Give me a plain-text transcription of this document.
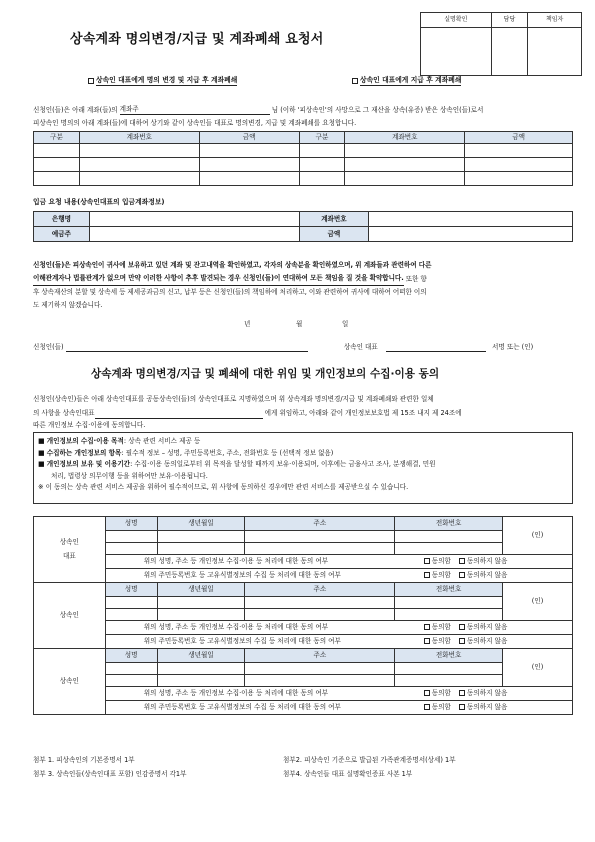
실명확인	담당	책임자

상속계좌 명의변경/지급 및 계좌폐쇄 요청서
상속인 대표에게 명의 변경 및 지급 후 계좌폐쇄	상속인 대표에게 지급 후 계좌폐쇄
신청인(들)은 아래 계좌(들)의 계좌주	님 (이하 '피상속인'의 사망으로 그 재산을 상속(유증) 받은 상속인(들)로서
피상속인 명의의 아래 계좌(들)에 대하여 상기와 같이 상속인들 대표로 명의변경, 지급 및 계좌폐쇄를 요청합니다.
구분	계좌번호	금액	구분	계좌번호	금액

입금 요청 내용(상속인대표의 입금계좌정보)
은행명		계좌번호	
예금주		금액	
신청인(들)은 피상속인이 귀사에 보유하고 있던 계좌 및 잔고내역을 확인하였고, 각자의 상속분을 확인하였으며, 위 계좌들과 관련하여 다른
이해관계자나 법률관계가 없으며 만약 이러한 사항이 추후 발견되는 경우 신청인(들)이 연대하여 모든 책임을 질 것을 확약합니다. 또한 향
후 상속재산의 분할 및 상속세 등 제세공과금의 신고, 납부 등은 신청인(들)의 책임하에 처리하고, 이와 관련하여 귀사에 대하여 어떠한 이의
도 제기하지 않겠습니다.
년	월	일
신청인(들)	상속인 대표	서명 또는 (인)
상속계좌 명의변경/지급 및 폐쇄에 대한 위임 및 개인정보의 수집·이용 동의
신청인(상속인)들은 아래 상속인대표를 공동상속인(들)의 상속인대표로 지명하였으며 위 상속계좌 명의변경/지급 및 계좌폐쇄와 관련한 일체
의 사항을 상속인대표	에게 위임하고, 아래와 같이 개인정보보호법 제 15조 내지 제 24조에
따른 개인정보 수집·이용에 동의합니다.
■ 개인정보의 수집·이용 목적: 상속 관련 서비스 제공 등
■ 수집하는 개인정보의 항목: 필수적 정보 – 성명, 주민등록번호, 주소, 전화번호 등 (선택적 정보 없음)
■ 개인정보의 보유 및 이용기간: 수집·이용 동의일로부터 위 목적을 달성할 때까지 보유·이용되며, 이후에는 금융사고 조사, 분쟁해결, 민원
처리, 법령상 의무이행 등을 위하여만 보유·이용됩니다.
※ 이 동의는 상속 관련 서비스 제공을 위하여 필수적이므로, 위 사항에 동의하신 경우에만 관련 서비스를 제공받으실 수 있습니다.
상속인
대표	성명	생년월일	주소	전화번호	(인)

	위의 성명, 주소 등 개인정보 수집·이용 등 처리에 대한 동의 여부 동의함 동의하지 않음				
	위의 주민등록번호 등 고유식별정보의 수집 등 처리에 대한 동의 여부 동의함 동의하지 않음				

상속인	성명	생년월일	주소	전화번호	(인)

	위의 성명, 주소 등 개인정보 수집·이용 등 처리에 대한 동의 여부 동의함 동의하지 않음				
	위의 주민등록번호 등 고유식별정보의 수집 등 처리에 대한 동의 여부 동의함 동의하지 않음				

상속인	성명	생년월일	주소	전화번호	(인)

	위의 성명, 주소 등 개인정보 수집·이용 등 처리에 대한 동의 여부 동의함 동의하지 않음				
	위의 주민등록번호 등 고유식별정보의 수집 등 처리에 대한 동의 여부 동의함 동의하지 않음				
첨부 1. 피상속인의 기본증명서 1부	첨부2. 피상속인 기준으로 발급된 가족관계증명서(상세) 1부
첨부 3. 상속인들(상속인대표 포함) 인감증명서 각1부	첨부4. 상속인들 대표 실명확인증표 사본 1부
